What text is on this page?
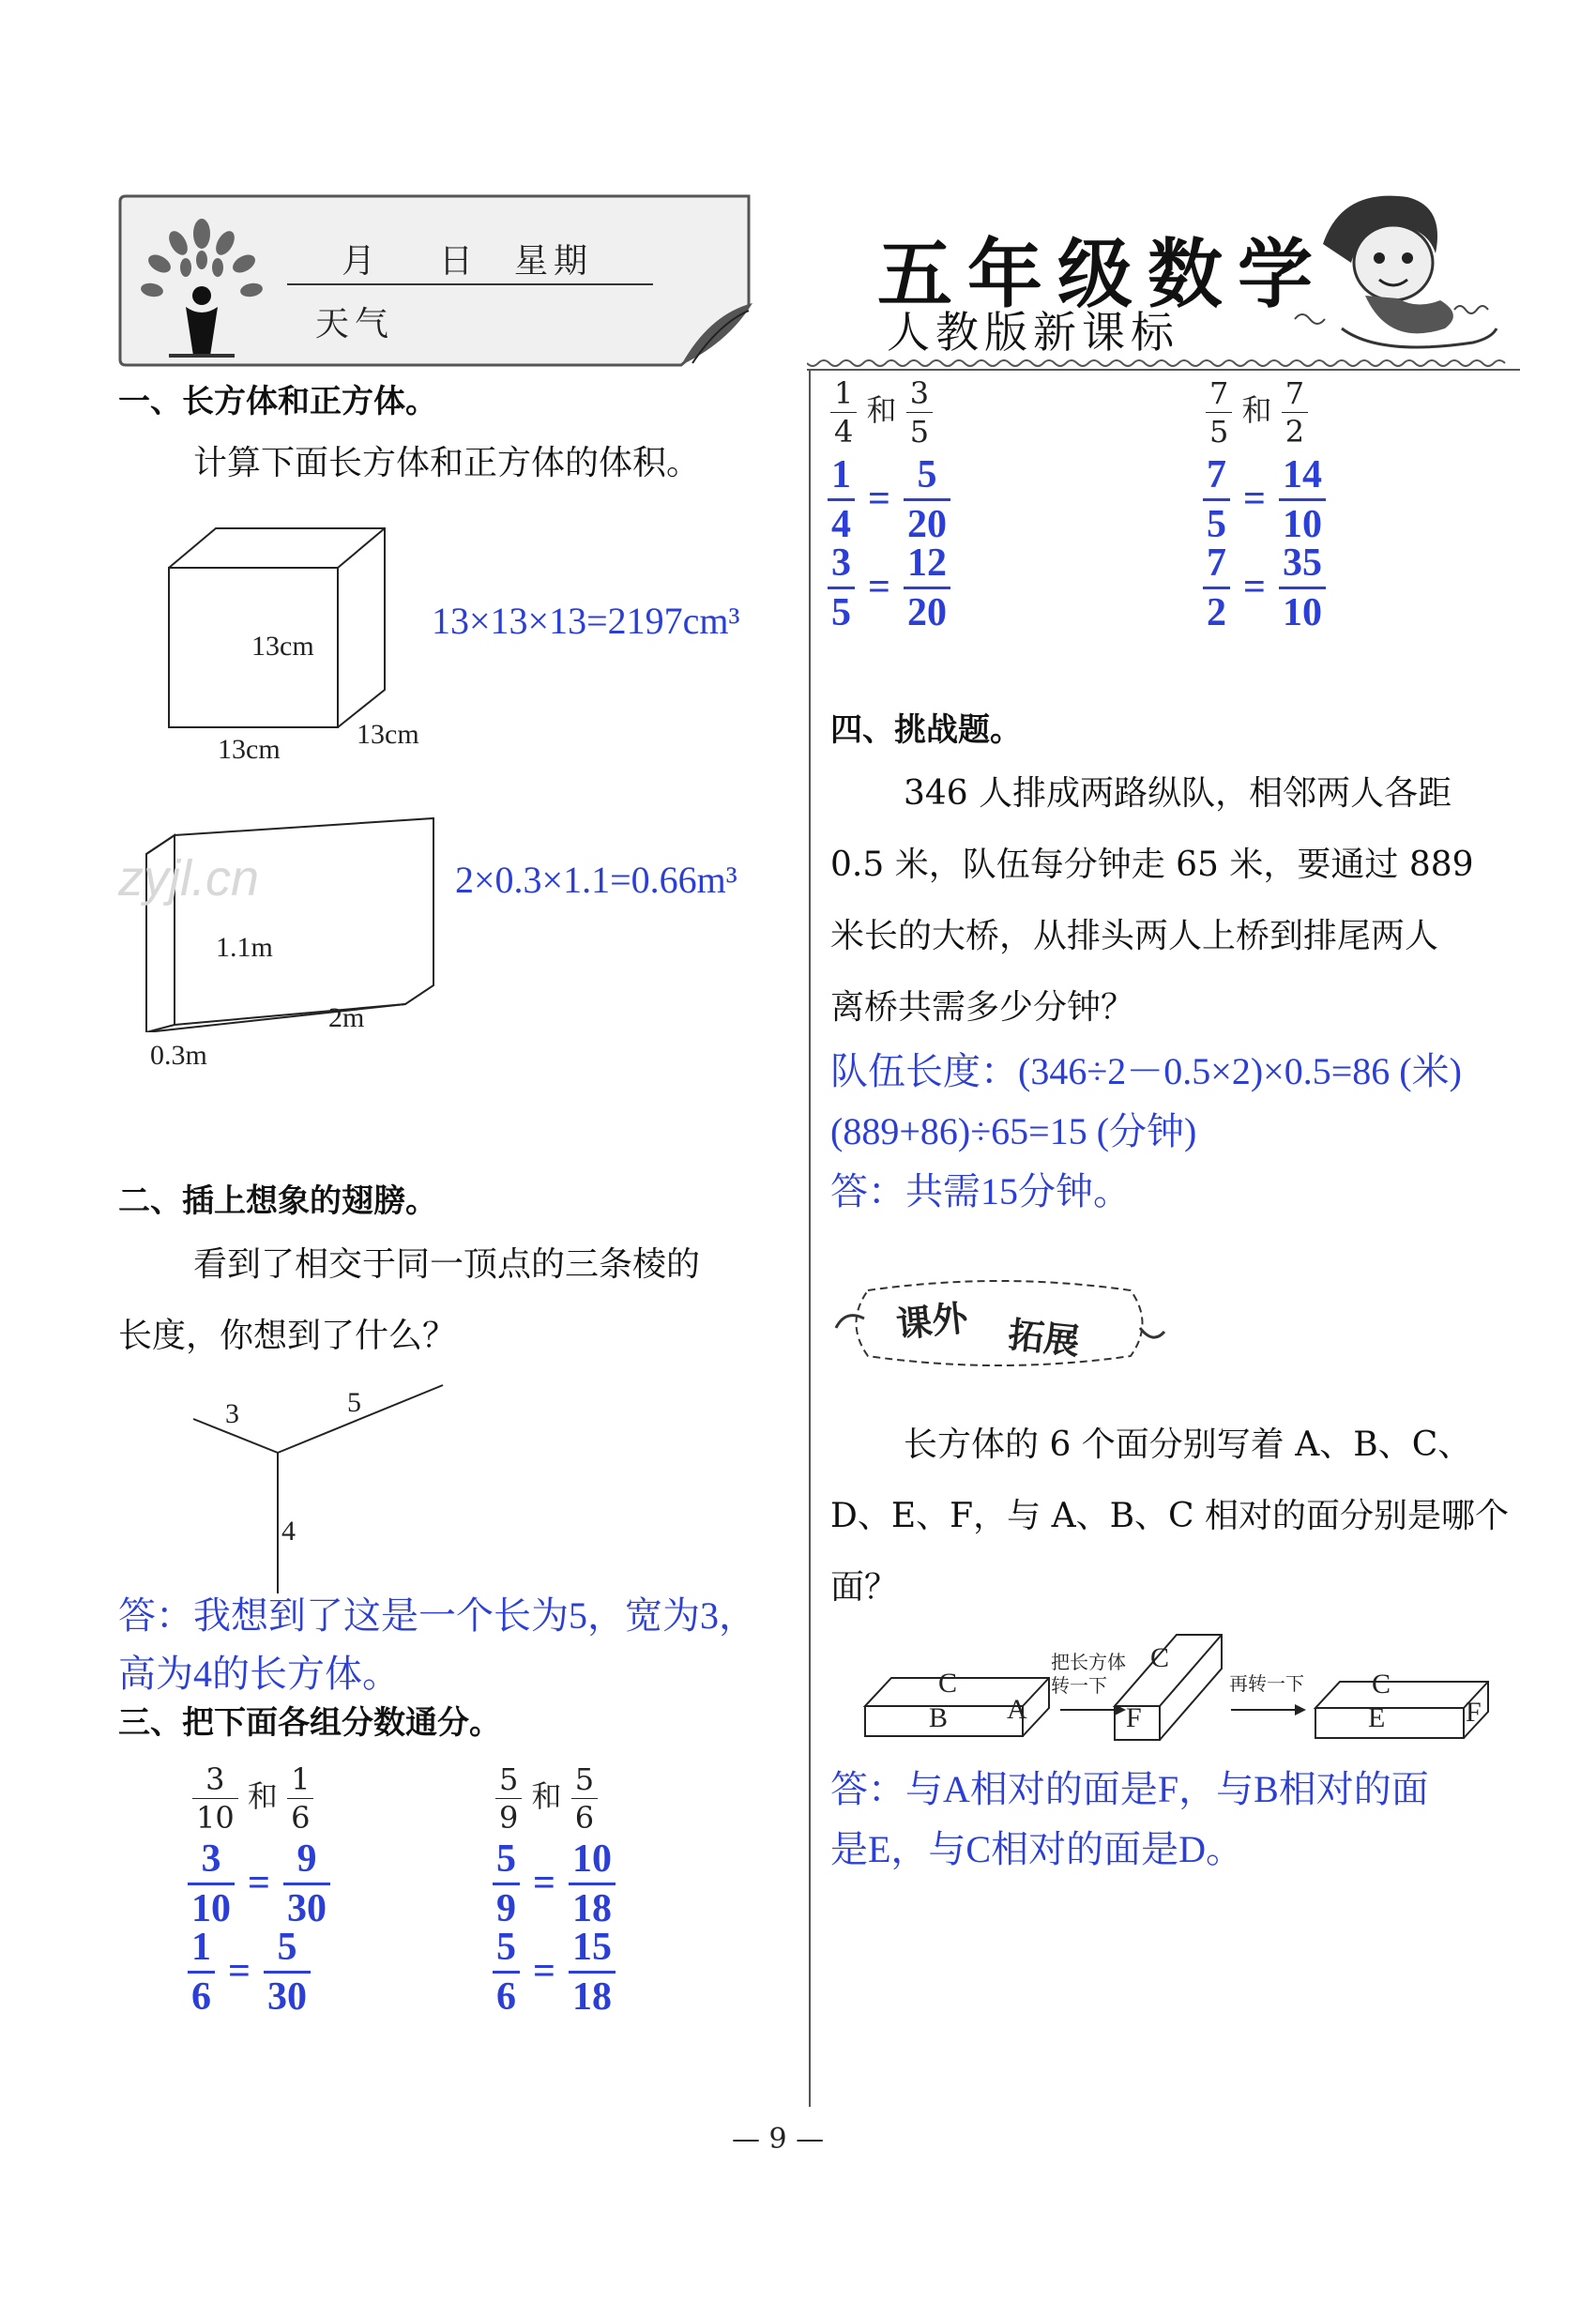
月 日 星期
天气
五年级数学
人教版新课标
一、长方体和正方体。
计算下面长方体和正方体的体积。
13cm
13cm	13cm
13×13×13=2197cm³
zyjl.cn
1.1m
2m
0.3m
2×0.3×1.1=0.66m³
二、插上想象的翅膀。
看到了相交于同一顶点的三条棱的
长度，你想到了什么？
3	5
4
答：我想到了这是一个长为5，宽为3，
高为4的长方体。
三、把下面各组分数通分。
$\frac{3}{10}$ 和 $\frac{1}{6}$
$\frac{3}{10} = \frac{9}{30}$
$\frac{1}{6} = \frac{5}{30}$
$\frac{5}{9}$ 和 $\frac{5}{6}$
$\frac{5}{9} = \frac{10}{18}$
$\frac{5}{6} = \frac{15}{18}$
$\frac{1}{4}$ 和 $\frac{3}{5}$
$\frac{1}{4} = \frac{5}{20}$
$\frac{3}{5} = \frac{12}{20}$
$\frac{7}{5}$ 和 $\frac{7}{2}$
$\frac{7}{5} = \frac{14}{10}$
$\frac{7}{2} = \frac{35}{10}$
四、挑战题。
346 人排成两路纵队，相邻两人各距
0.5 米，队伍每分钟走 65 米，要通过 889
米长的大桥，从排头两人上桥到排尾两人
离桥共需多少分钟？
队伍长度：(346÷2－0.5×2)×0.5=86 (米)
(889+86)÷65=15 (分钟)
答：共需15分钟。
课外 拓展
长方体的 6 个面分别写着 A、B、C、
D、E、F，与 A、B、C 相对的面分别是哪个
面？
C
B A
把长方体
转一下
C
F
再转一下 C
E	F
答：与A相对的面是F，与B相对的面
是E，与C相对的面是D。
— 9 —
